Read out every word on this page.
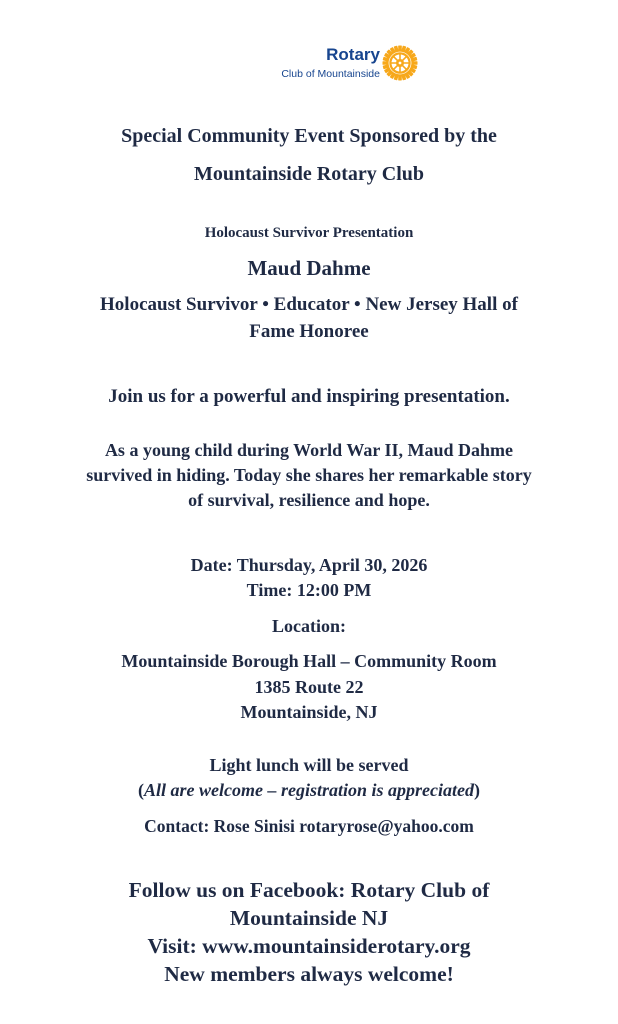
Rotary
Club of Mountainside
Special Community Event Sponsored by the
Mountainside Rotary Club
Holocaust Survivor Presentation
Maud Dahme
Holocaust Survivor • Educator • New Jersey Hall of
Fame Honoree
Join us for a powerful and inspiring presentation.
As a young child during World War II, Maud Dahme
survived in hiding. Today she shares her remarkable story
of survival, resilience and hope.
Date: Thursday, April 30, 2026
Time: 12:00 PM
Location:
Mountainside Borough Hall – Community Room
1385 Route 22
Mountainside, NJ
Light lunch will be served
(All are welcome – registration is appreciated)
Contact: Rose Sinisi rotaryrose@yahoo.com
Follow us on Facebook: Rotary Club of
Mountainside NJ
Visit: www.mountainsiderotary.org
New members always welcome!
